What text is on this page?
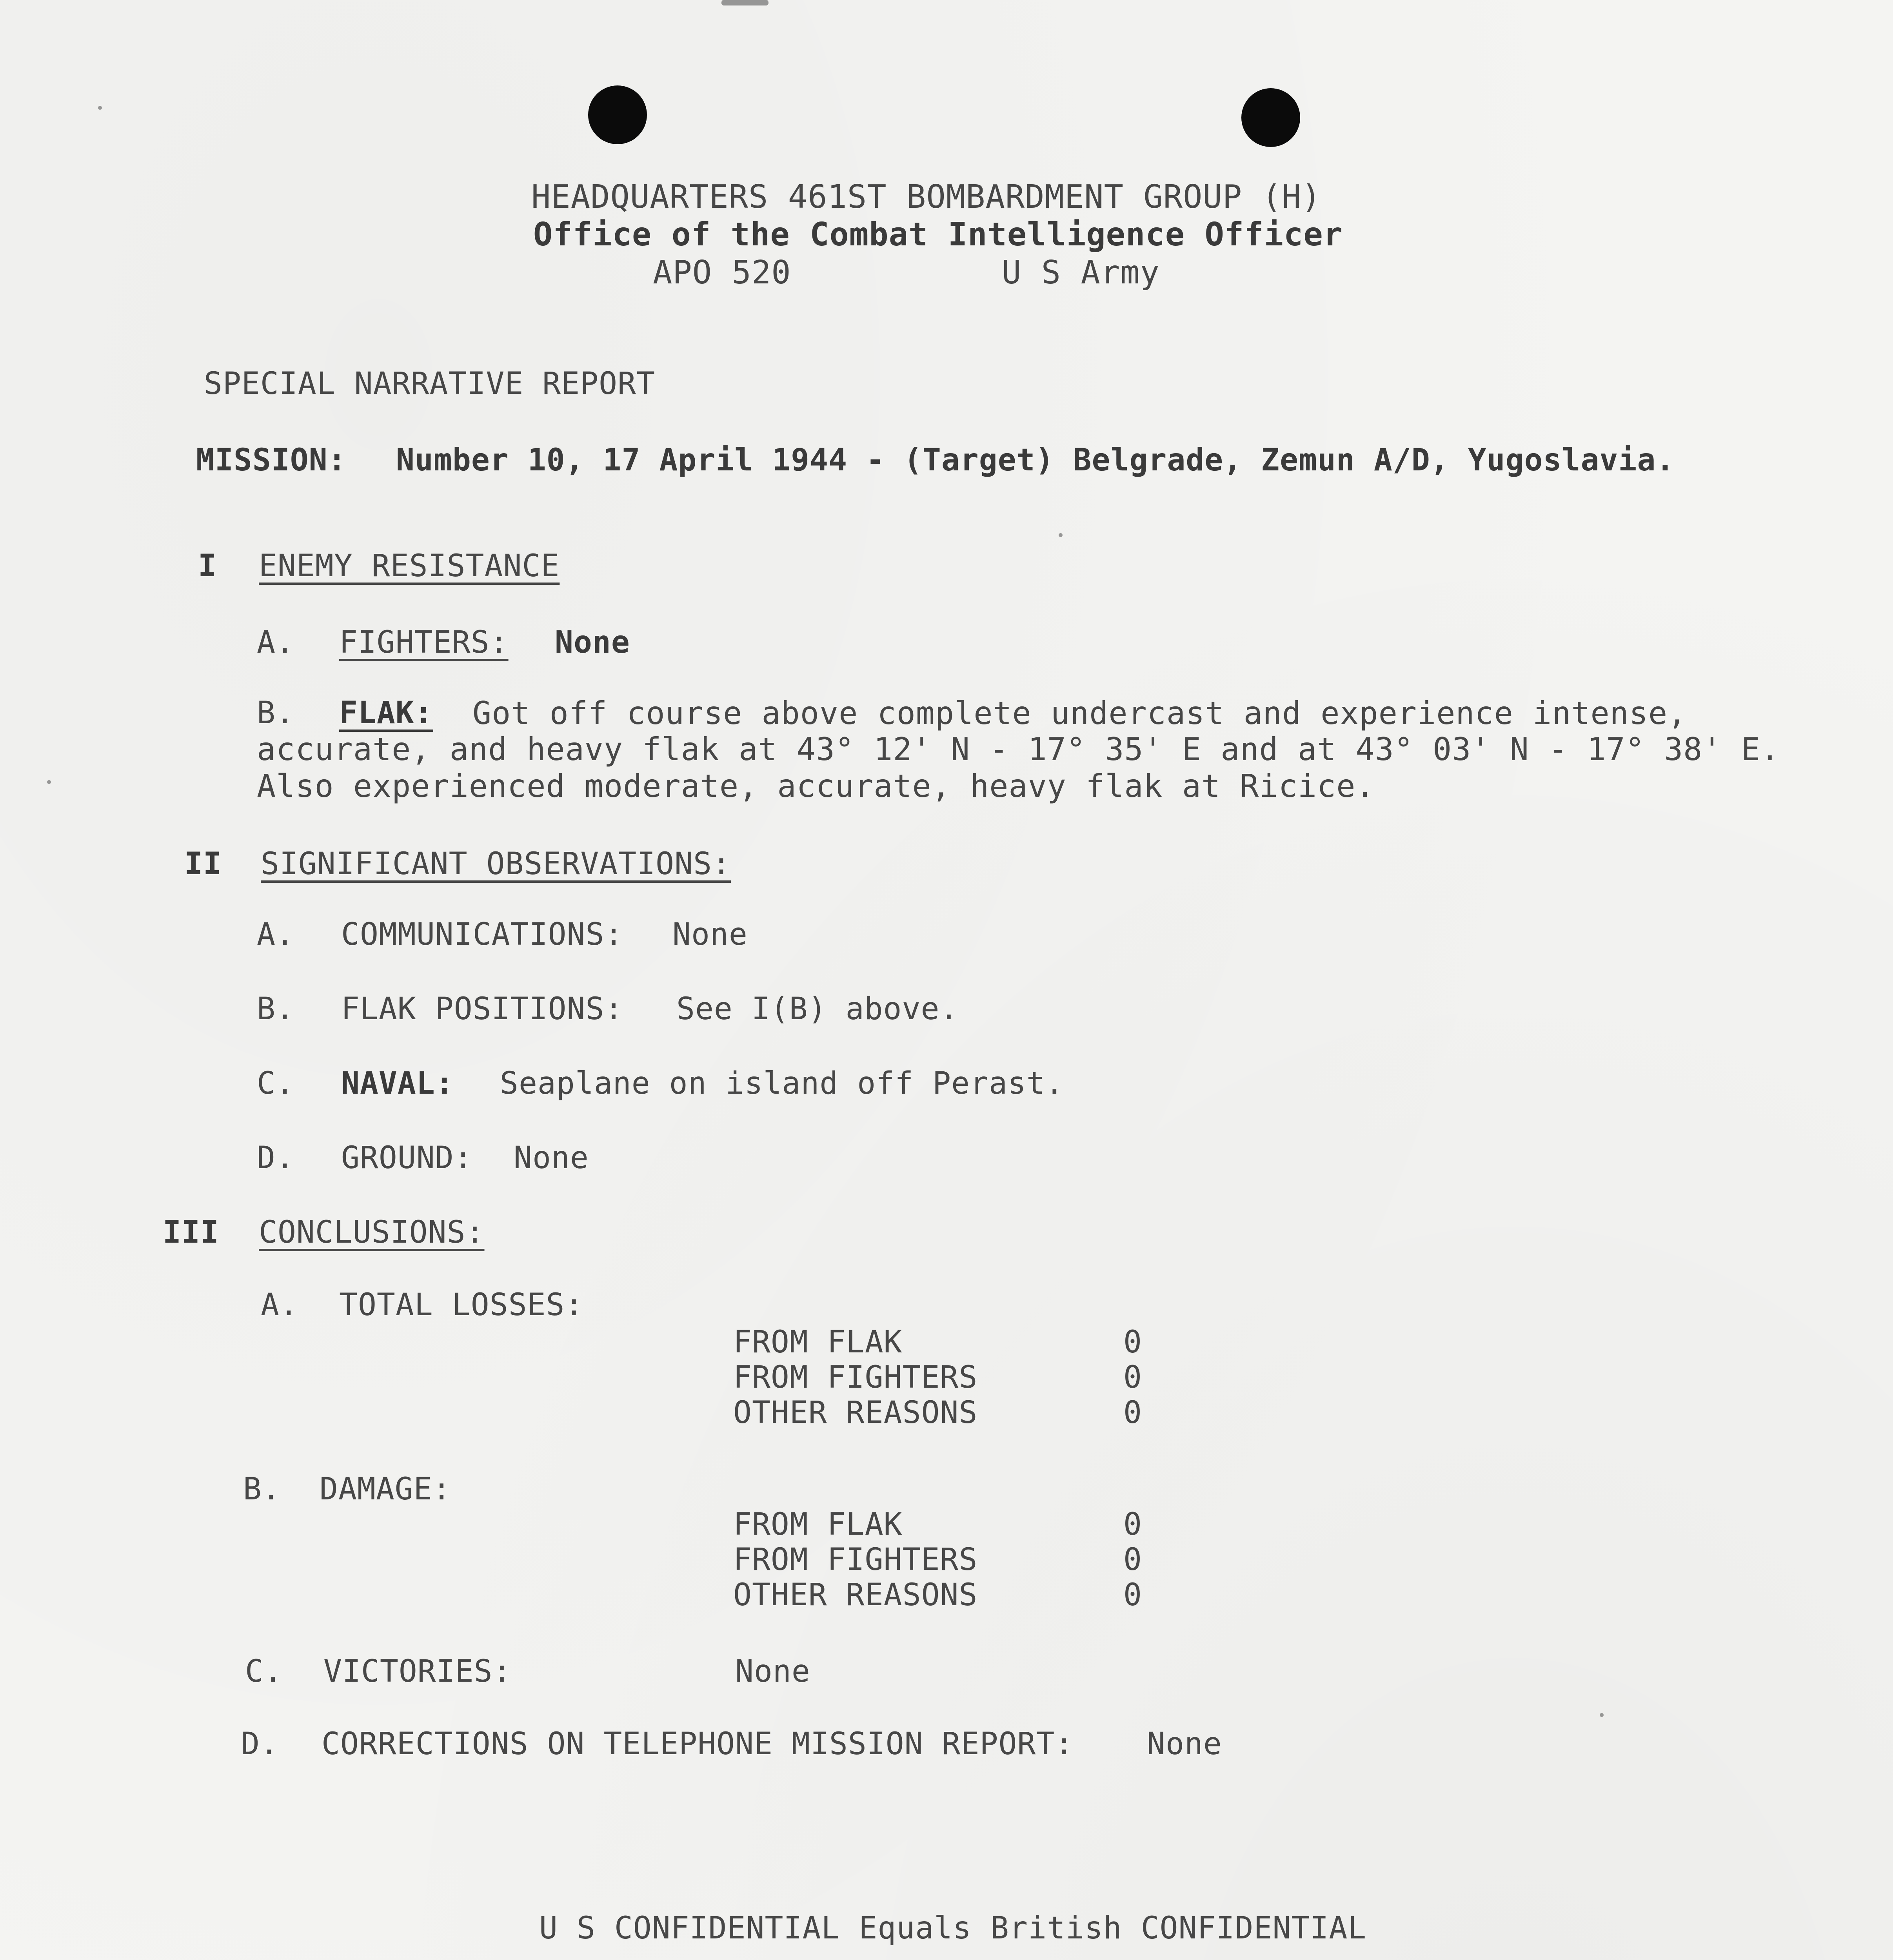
HEADQUARTERS 461ST BOMBARDMENT GROUP (H)
Office of the Combat Intelligence Officer
APO 520	U S Army
SPECIAL NARRATIVE REPORT
MISSION: Number 10, 17 April 1944 - (Target) Belgrade, Zemun A/D, Yugoslavia.
I ENEMY RESISTANCE
A. FIGHTERS: None
B. FLAK: Got off course above complete undercast and experience intense,
accurate, and heavy flak at 43° 12' N - 17° 35' E and at 43° 03' N - 17° 38' E.
Also experienced moderate, accurate, heavy flak at Ricice.
II SIGNIFICANT OBSERVATIONS:
A. COMMUNICATIONS: None
B. FLAK POSITIONS: See I(B) above.
C. NAVAL: Seaplane on island off Perast.
D. GROUND: None
III CONCLUSIONS:
A. TOTAL LOSSES:
FROM FLAK	0
FROM FIGHTERS	0
OTHER REASONS	0
B. DAMAGE:
FROM FLAK	0
FROM FIGHTERS	0
OTHER REASONS	0
C. VICTORIES:	None
D. CORRECTIONS ON TELEPHONE MISSION REPORT: None
U S CONFIDENTIAL Equals British CONFIDENTIAL
